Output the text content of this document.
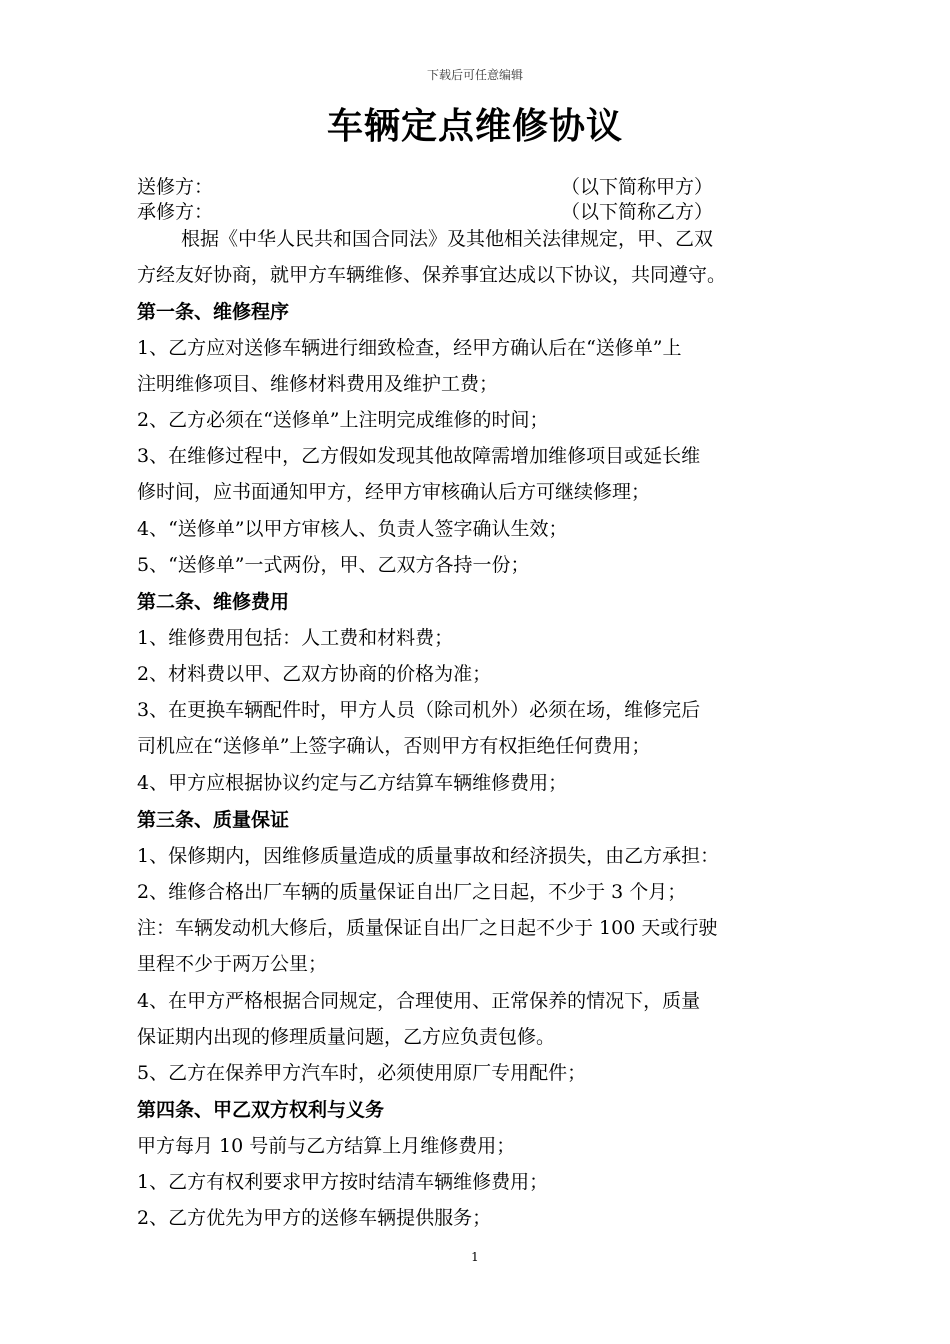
下载后可任意编辑
车辆定点维修协议
送修方：	（以下简称甲方）
承修方：	（以下简称乙方）
根据《中华人民共和国合同法》及其他相关法律规定，甲、乙双
方经友好协商，就甲方车辆维修、保养事宜达成以下协议，共同遵守。
第一条、维修程序
1、乙方应对送修车辆进行细致检查，经甲方确认后在“送修单”上
注明维修项目、维修材料费用及维护工费；
2、乙方必须在“送修单”上注明完成维修的时间；
3、在维修过程中，乙方假如发现其他故障需增加维修项目或延长维
修时间，应书面通知甲方，经甲方审核确认后方可继续修理；
4、“送修单”以甲方审核人、负责人签字确认生效；
5、“送修单”一式两份，甲、乙双方各持一份；
第二条、维修费用
1、维修费用包括：人工费和材料费；
2、材料费以甲、乙双方协商的价格为准；
3、在更换车辆配件时，甲方人员（除司机外）必须在场，维修完后
司机应在“送修单”上签字确认，否则甲方有权拒绝任何费用；
4、甲方应根据协议约定与乙方结算车辆维修费用；
第三条、质量保证
1、保修期内，因维修质量造成的质量事故和经济损失，由乙方承担：
2、维修合格出厂车辆的质量保证自出厂之日起，不少于 3 个月；
注：车辆发动机大修后，质量保证自出厂之日起不少于 100 天或行驶
里程不少于两万公里；
4、在甲方严格根据合同规定，合理使用、正常保养的情况下，质量
保证期内出现的修理质量问题，乙方应负责包修。
5、乙方在保养甲方汽车时，必须使用原厂专用配件；
第四条、甲乙双方权利与义务
甲方每月 10 号前与乙方结算上月维修费用；
1、乙方有权利要求甲方按时结清车辆维修费用；
2、乙方优先为甲方的送修车辆提供服务；
1
